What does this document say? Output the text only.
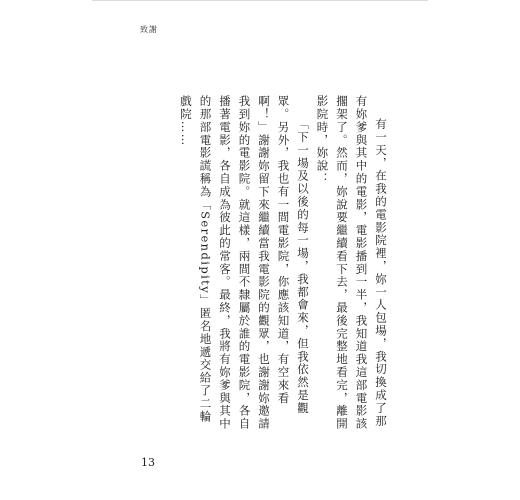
致謝

有一天，在我的電影院裡，妳一人包場，我切換成了那有妳爹與其中的電影，電影播到一半，我知道我這部電影該擱架了。然而，妳說要繼續看下去，最後完整地看完，離開影院時，妳說：

「下一場及以後的每一場，我都會來，但我依然是觀眾。另外，我也有一間電影院，你應該知道，有空來看啊！」謝謝妳留下來繼續當我電影院的觀眾，也謝謝妳邀請我到妳的電影院。就這樣，兩間不隸屬於誰的電影院，各自播著電影，各自成為彼此的常客。最終，我將有妳爹與其中的那部電影謊稱為「Serendipity」匿名地遞交給了二輪戲院……

13
